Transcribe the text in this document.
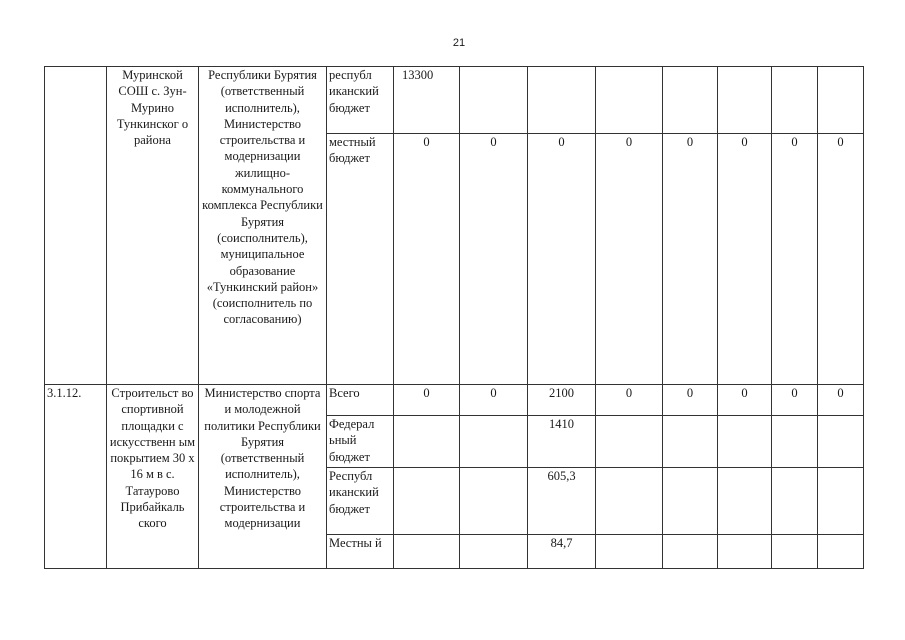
21
	Муринской СОШ с. Зун-Мурино Тункинског о района	Республики Бурятия (ответственный исполнитель), Министерство строительства и модернизации жилищно-коммунального комплекса Республики Бурятия (соисполнитель), муниципальное образование «Тункинский район» (соисполнитель по согласованию)	республ иканский бюджет	13300							
			местный бюджет	0	0	0	0	0	0	0	0
3.1.12.	Строительст во спортивной площадки с искусственн ым покрытием 30 х 16 м в с. Татаурово Прибайкаль ского	Министерство спорта и молодежной политики Республики Бурятия (ответственный исполнитель), Министерство строительства и модернизации	Всего	0	0	2100	0	0	0	0	0
			Федерал ьный бюджет			1410					
			Республ иканский бюджет			605,3					
			Местны й			84,7					
